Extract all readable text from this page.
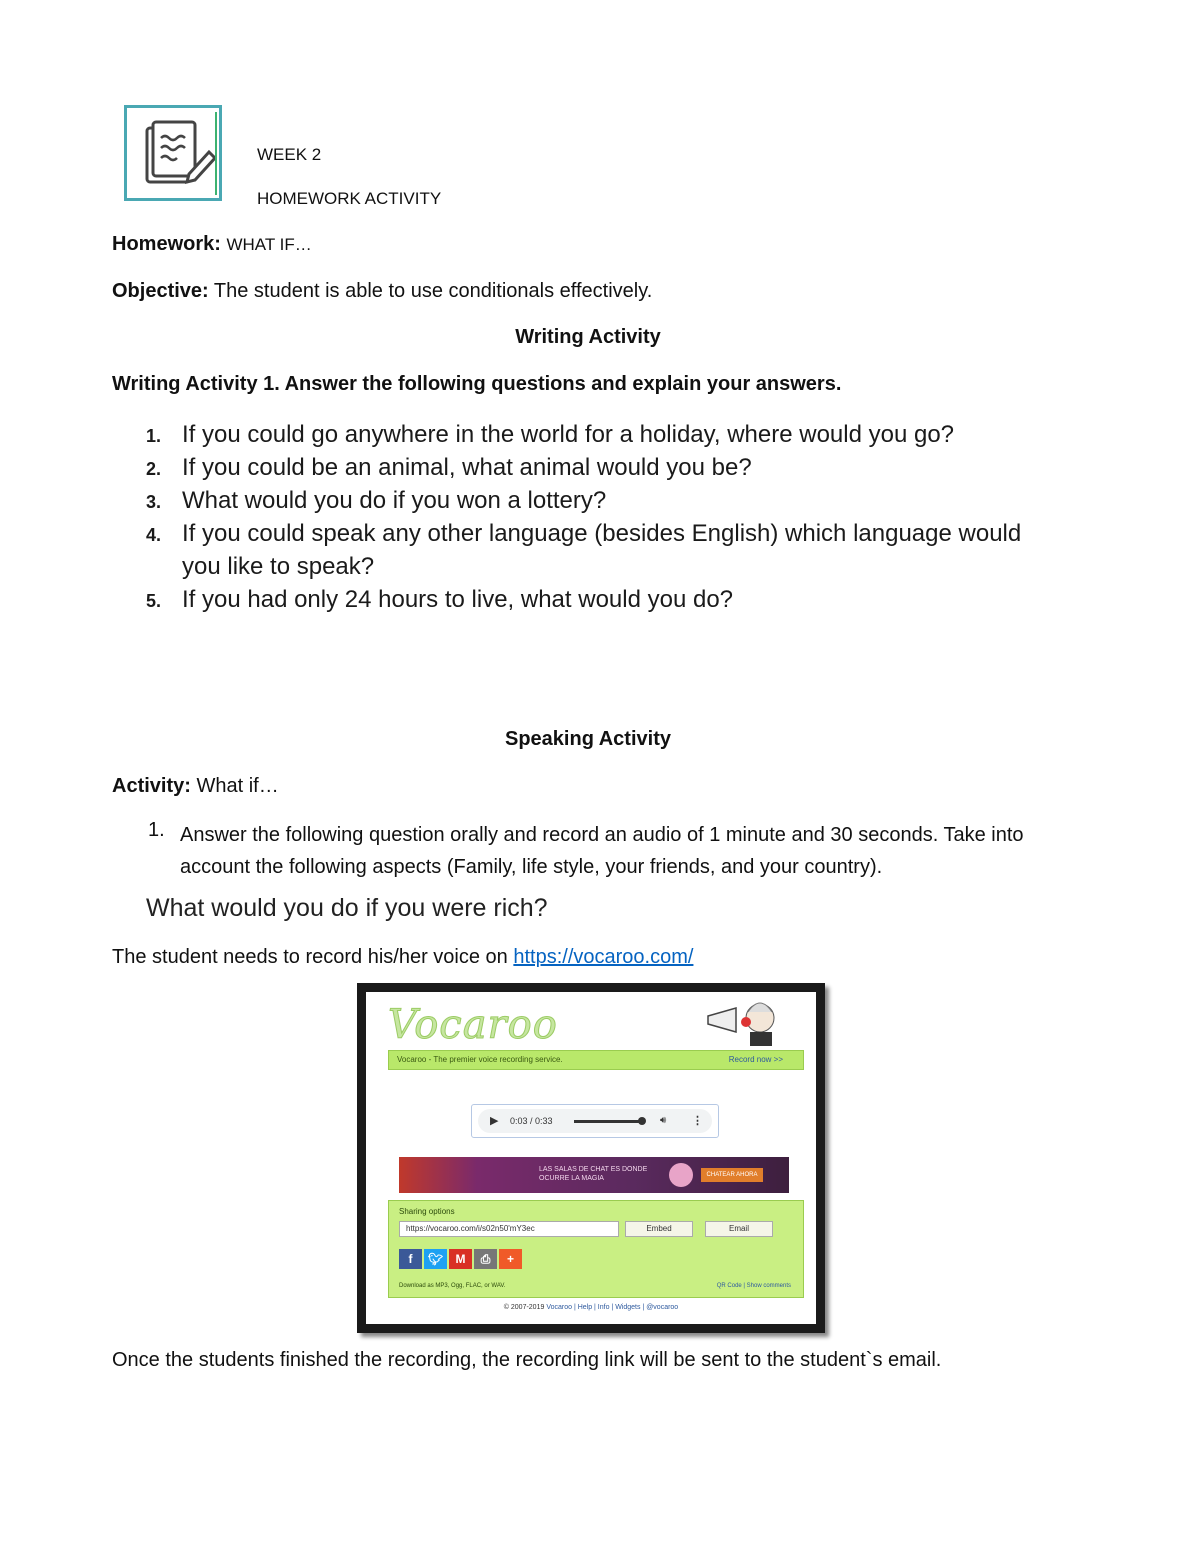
WEEK 2
HOMEWORK ACTIVITY
Homework: WHAT IF…
Objective: The student is able to use conditionals effectively.
Writing Activity
Writing Activity 1. Answer the following questions and explain your answers.
1. If you could go anywhere in the world for a holiday, where would you go?
2. If you could be an animal, what animal would you be?
3. What would you do if you won a lottery?
4. If you could speak any other language (besides English) which language would you like to speak?
5. If you had only 24 hours to live, what would you do?
Speaking Activity
Activity: What if…
1. Answer the following question orally and record an audio of 1 minute and 30 seconds. Take into account the following aspects (Family, life style, your friends, and your country).
What would you do if you were rich?
The student needs to record his/her voice on https://vocaroo.com/
Vocaroo
Vocaroo - The premier voice recording service.	Record now >>
▶ 0:03 / 0:33	🔊︎ ⋮
LAS SALAS DE CHAT ES DONDE OCURRE LA MAGIA	CHATEAR AHORA
Sharing options
https://vocaroo.com/i/s02n50'mY3ec	Embed	Email
f	🐦︎	M	⎙	+
Download as MP3, Ogg, FLAC, or WAV.	QR Code | Show comments
© 2007-2019 Vocaroo | Help | Info | Widgets | @vocaroo
Once the students finished the recording, the recording link will be sent to the student`s email.
